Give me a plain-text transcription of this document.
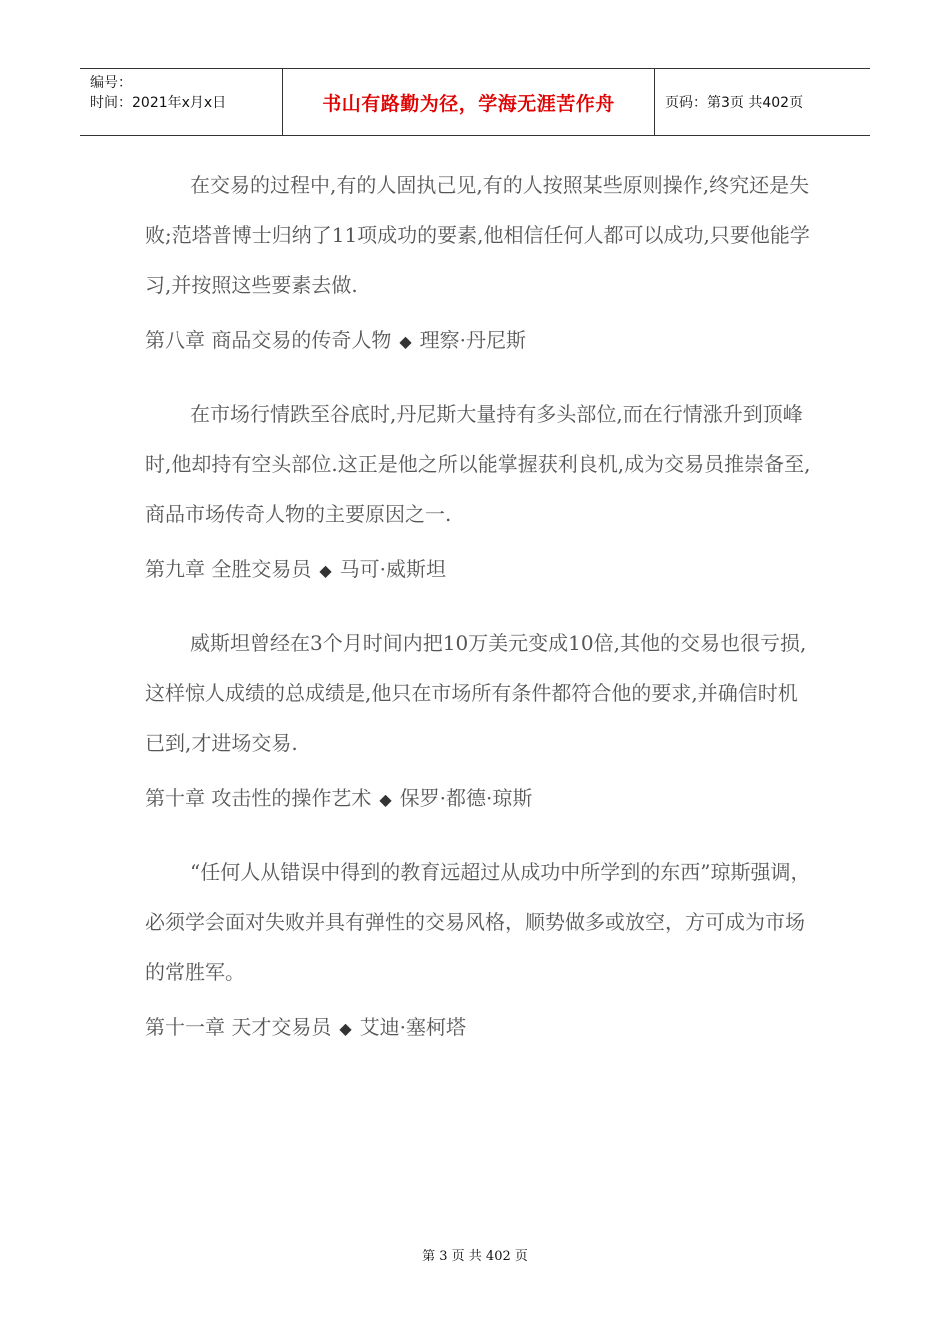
编号：
时间：2021年x月x日	书山有路勤为径，学海无涯苦作舟	页码：第3页 共402页

在交易的过程中,有的人固执己见,有的人按照某些原则操作,终究还是失败;范塔普博士归纳了11项成功的要素,他相信任何人都可以成功,只要他能学习,并按照这些要素去做.

第八章 商品交易的传奇人物 ◆ 理察·丹尼斯

在市场行情跌至谷底时,丹尼斯大量持有多头部位,而在行情涨升到顶峰时,他却持有空头部位.这正是他之所以能掌握获利良机,成为交易员推崇备至,商品市场传奇人物的主要原因之一.

第九章 全胜交易员 ◆ 马可·威斯坦

威斯坦曾经在3个月时间内把10万美元变成10倍,其他的交易也很亏损,这样惊人成绩的总成绩是,他只在市场所有条件都符合他的要求,并确信时机已到,才进场交易.

第十章 攻击性的操作艺术 ◆ 保罗·都德·琼斯

“任何人从错误中得到的教育远超过从成功中所学到的东西”琼斯强调，必须学会面对失败并具有弹性的交易风格，顺势做多或放空，方可成为市场的常胜军。

第十一章 天才交易员 ◆ 艾迪·塞柯塔

第 3 页 共 402 页
